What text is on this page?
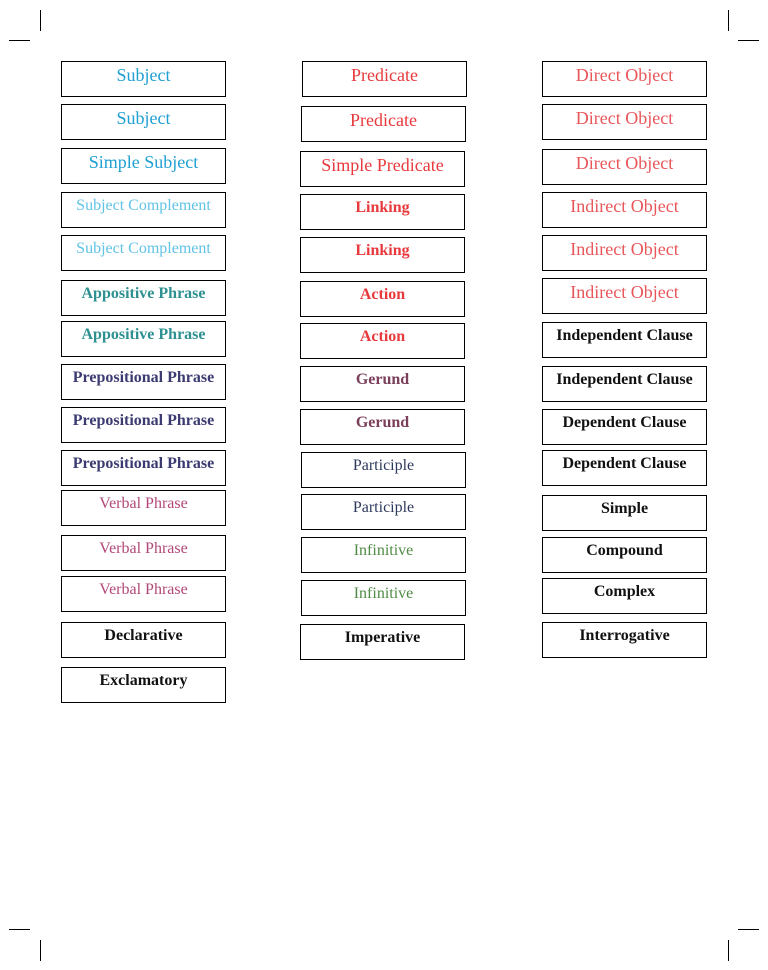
Subject
Subject
Simple Subject
Subject Complement
Subject Complement
Appositive Phrase
Appositive Phrase
Prepositional Phrase
Prepositional Phrase
Prepositional Phrase
Verbal Phrase
Verbal Phrase
Verbal Phrase
Declarative
Exclamatory
Predicate
Predicate
Simple Predicate
Linking
Linking
Action
Action
Gerund
Gerund
Participle
Participle
Infinitive
Infinitive
Imperative
Direct Object
Direct Object
Direct Object
Indirect Object
Indirect Object
Indirect Object
Independent Clause
Independent Clause
Dependent Clause
Dependent Clause
Simple
Compound
Complex
Interrogative
